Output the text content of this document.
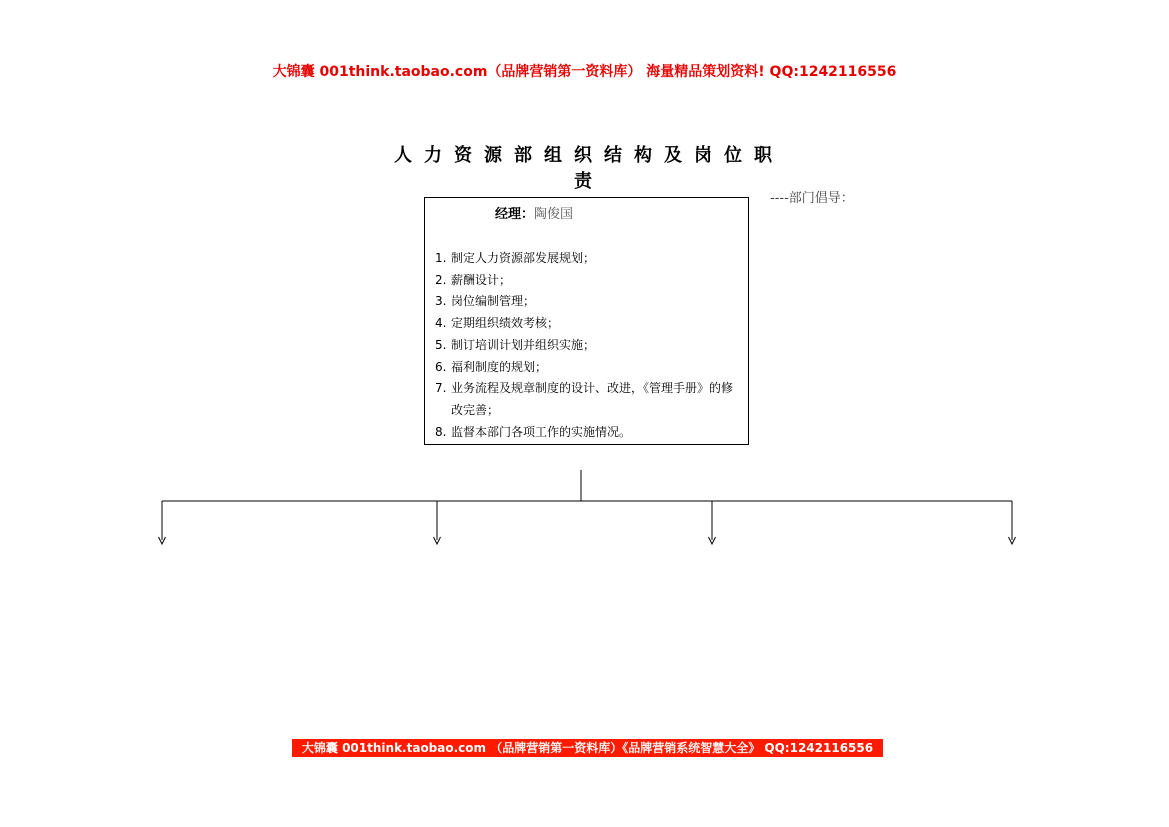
大锦囊 001think.taobao.com（品牌营销第一资料库） 海量精品策划资料! QQ:1242116556
人力资源部组织结构及岗位职责
----部门倡导：
经理：陶俊国
1. 制定人力资源部发展规划；
2. 薪酬设计；
3. 岗位编制管理；
4. 定期组织绩效考核；
5. 制订培训计划并组织实施；
6. 福利制度的规划；
7. 业务流程及规章制度的设计、改进，《管理手册》的修改完善；
8. 监督本部门各项工作的实施情况。
大锦囊 001think.taobao.com （品牌营销第一资料库）《品牌营销系统智慧大全》 QQ:1242116556
